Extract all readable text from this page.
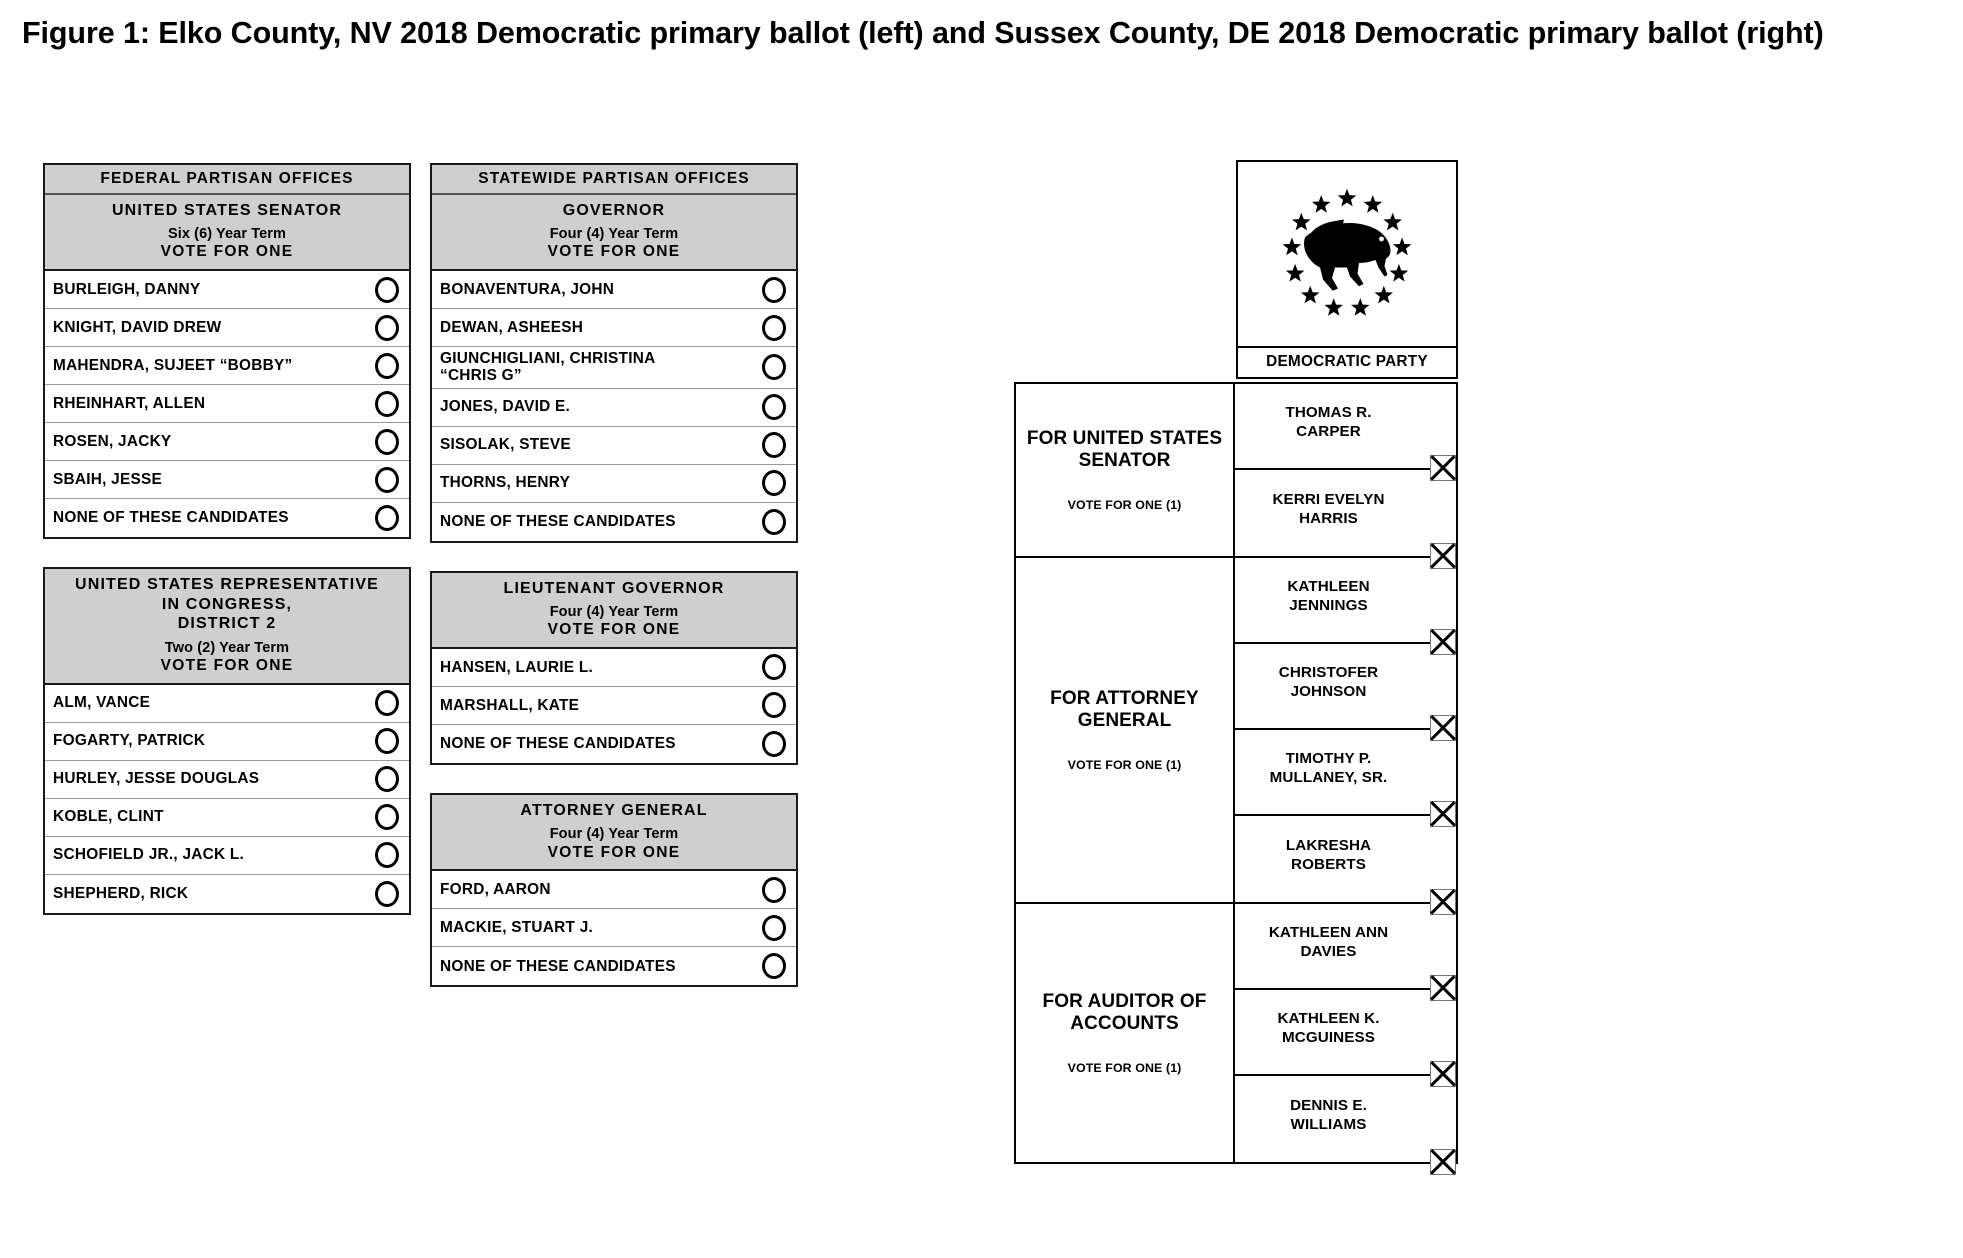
Figure 1: Elko County, NV 2018 Democratic primary ballot (left) and Sussex County, DE 2018 Democratic primary ballot (right)
FEDERAL PARTISAN OFFICES
UNITED STATES SENATOR
Six (6) Year Term
VOTE FOR ONE
BURLEIGH, DANNY
KNIGHT, DAVID DREW
MAHENDRA, SUJEET “BOBBY”
RHEINHART, ALLEN
ROSEN, JACKY
SBAIH, JESSE
NONE OF THESE CANDIDATES
UNITED STATES REPRESENTATIVE
IN CONGRESS,
DISTRICT 2
Two (2) Year Term
VOTE FOR ONE
ALM, VANCE
FOGARTY, PATRICK
HURLEY, JESSE DOUGLAS
KOBLE, CLINT
SCHOFIELD JR., JACK L.
SHEPHERD, RICK
STATEWIDE PARTISAN OFFICES
GOVERNOR
Four (4) Year Term
VOTE FOR ONE
BONAVENTURA, JOHN
DEWAN, ASHEESH
GIUNCHIGLIANI, CHRISTINA
“CHRIS G”
JONES, DAVID E.
SISOLAK, STEVE
THORNS, HENRY
NONE OF THESE CANDIDATES
LIEUTENANT GOVERNOR
Four (4) Year Term
VOTE FOR ONE
HANSEN, LAURIE L.
MARSHALL, KATE
NONE OF THESE CANDIDATES
ATTORNEY GENERAL
Four (4) Year Term
VOTE FOR ONE
FORD, AARON
MACKIE, STUART J.
NONE OF THESE CANDIDATES
DEMOCRATIC PARTY
FOR UNITED STATES
SENATOR
VOTE FOR ONE (1)
THOMAS R.
CARPER
KERRI EVELYN
HARRIS
FOR ATTORNEY
GENERAL
VOTE FOR ONE (1)
KATHLEEN
JENNINGS
CHRISTOFER
JOHNSON
TIMOTHY P.
MULLANEY, SR.
LAKRESHA
ROBERTS
FOR AUDITOR OF
ACCOUNTS
VOTE FOR ONE (1)
KATHLEEN ANN
DAVIES
KATHLEEN K.
MCGUINESS
DENNIS E.
WILLIAMS
